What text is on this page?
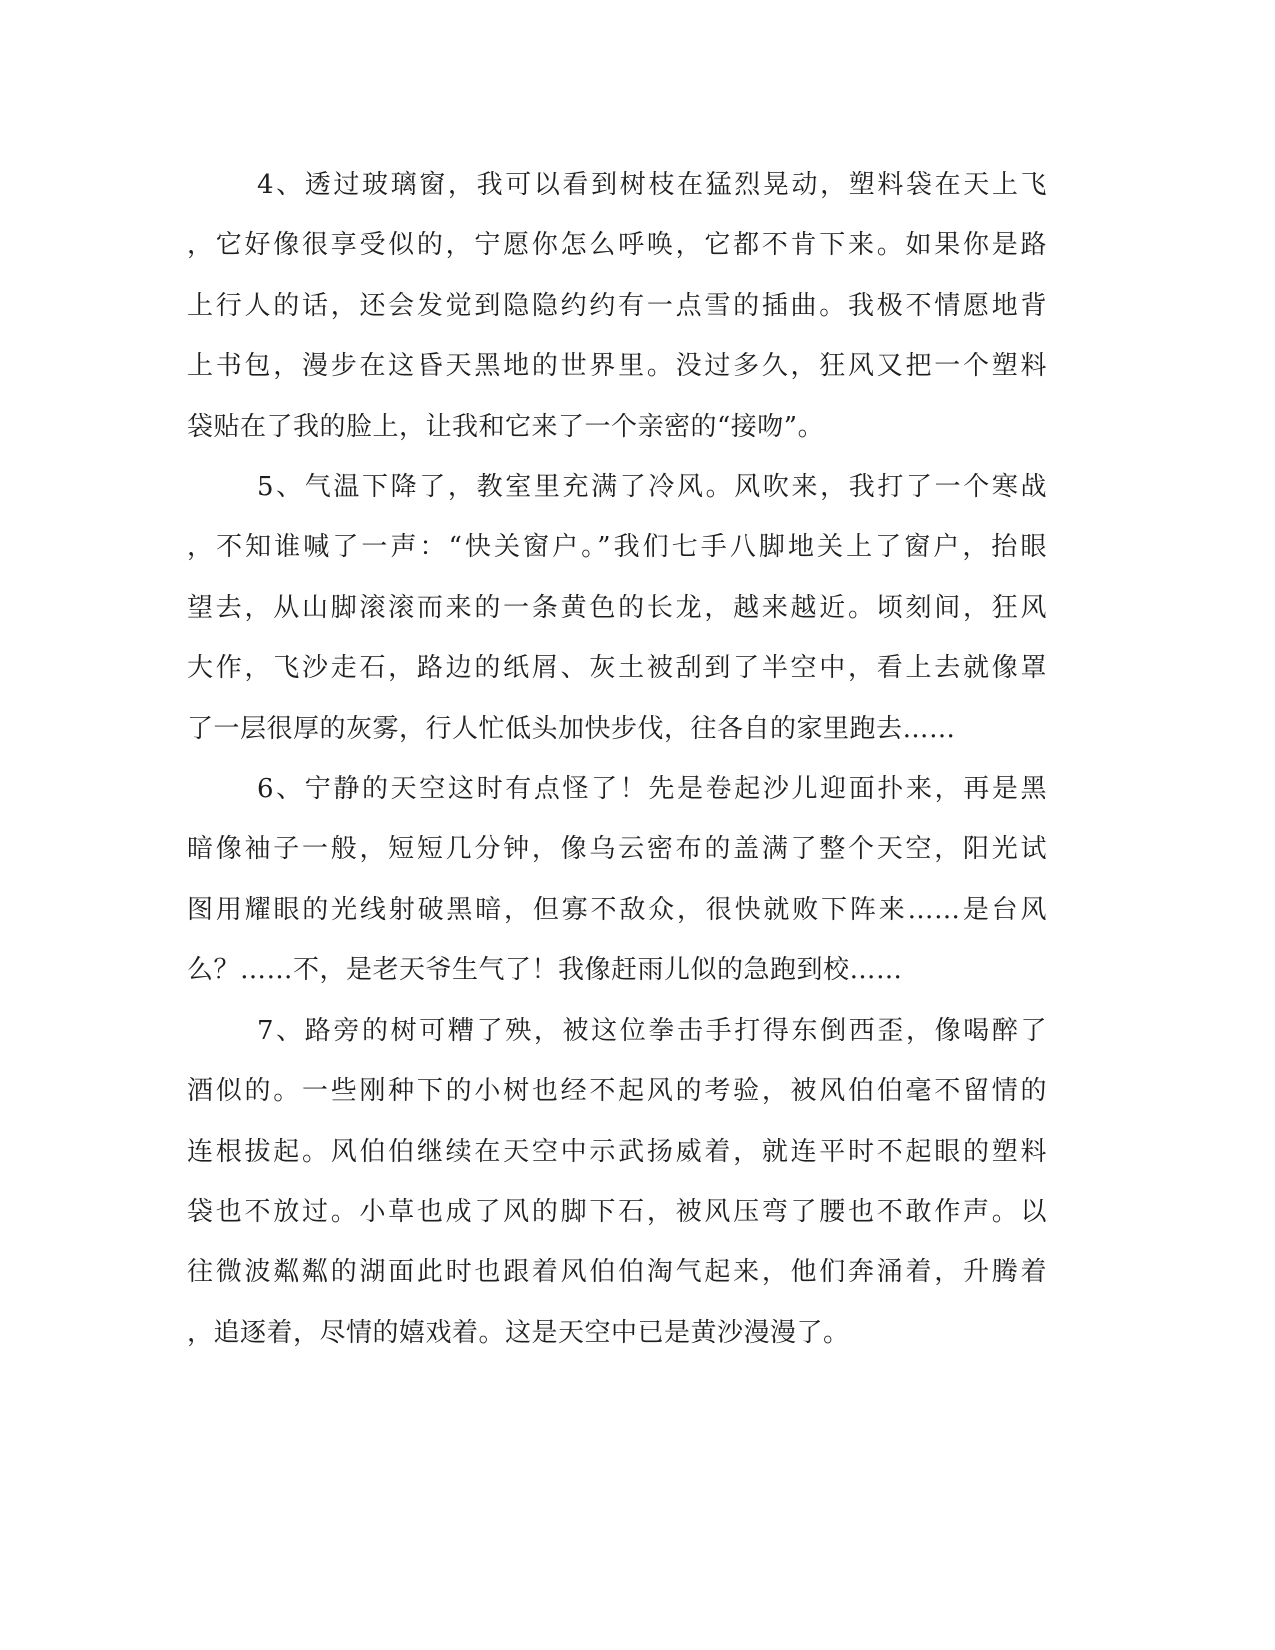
4、透过玻璃窗，我可以看到树枝在猛烈晃动，塑料袋在天上飞
，它好像很享受似的，宁愿你怎么呼唤，它都不肯下来。如果你是路
上行人的话，还会发觉到隐隐约约有一点雪的插曲。我极不情愿地背
上书包，漫步在这昏天黑地的世界里。没过多久，狂风又把一个塑料
袋贴在了我的脸上，让我和它来了一个亲密的“接吻”。
5、气温下降了，教室里充满了冷风。风吹来，我打了一个寒战
，不知谁喊了一声：“快关窗户。”我们七手八脚地关上了窗户，抬眼
望去，从山脚滚滚而来的一条黄色的长龙，越来越近。顷刻间，狂风
大作，飞沙走石，路边的纸屑、灰土被刮到了半空中，看上去就像罩
了一层很厚的灰雾，行人忙低头加快步伐，往各自的家里跑去……
6、宁静的天空这时有点怪了！先是卷起沙儿迎面扑来，再是黑
暗像袖子一般，短短几分钟，像乌云密布的盖满了整个天空，阳光试
图用耀眼的光线射破黑暗，但寡不敌众，很快就败下阵来……是台风
么？……不，是老天爷生气了！我像赶雨儿似的急跑到校……
7、路旁的树可糟了殃，被这位拳击手打得东倒西歪，像喝醉了
酒似的。一些刚种下的小树也经不起风的考验，被风伯伯毫不留情的
连根拔起。风伯伯继续在天空中示武扬威着，就连平时不起眼的塑料
袋也不放过。小草也成了风的脚下石，被风压弯了腰也不敢作声。以
往微波粼粼的湖面此时也跟着风伯伯淘气起来，他们奔涌着，升腾着
，追逐着，尽情的嬉戏着。这是天空中已是黄沙漫漫了。
